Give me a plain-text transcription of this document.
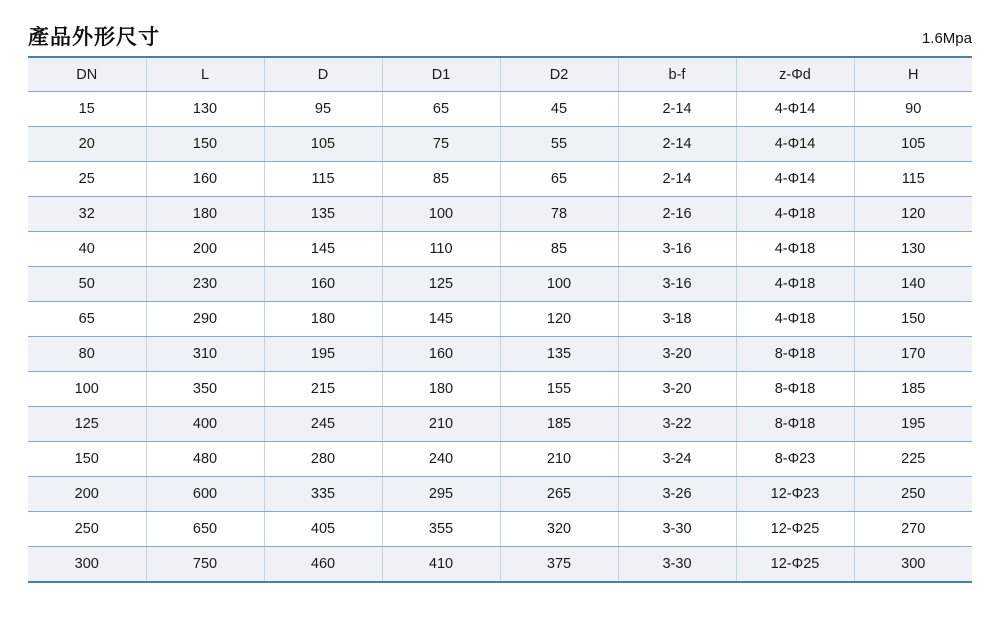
產品外形尺寸	1.6Mpa
DN	L	D	D1	D2	b-f	z-Φd	H
15	130	95	65	45	2-14	4-Φ14	90
20	150	105	75	55	2-14	4-Φ14	105
25	160	115	85	65	2-14	4-Φ14	115
32	180	135	100	78	2-16	4-Φ18	120
40	200	145	110	85	3-16	4-Φ18	130
50	230	160	125	100	3-16	4-Φ18	140
65	290	180	145	120	3-18	4-Φ18	150
80	310	195	160	135	3-20	8-Φ18	170
100	350	215	180	155	3-20	8-Φ18	185
125	400	245	210	185	3-22	8-Φ18	195
150	480	280	240	210	3-24	8-Φ23	225
200	600	335	295	265	3-26	12-Φ23	250
250	650	405	355	320	3-30	12-Φ25	270
300	750	460	410	375	3-30	12-Φ25	300
